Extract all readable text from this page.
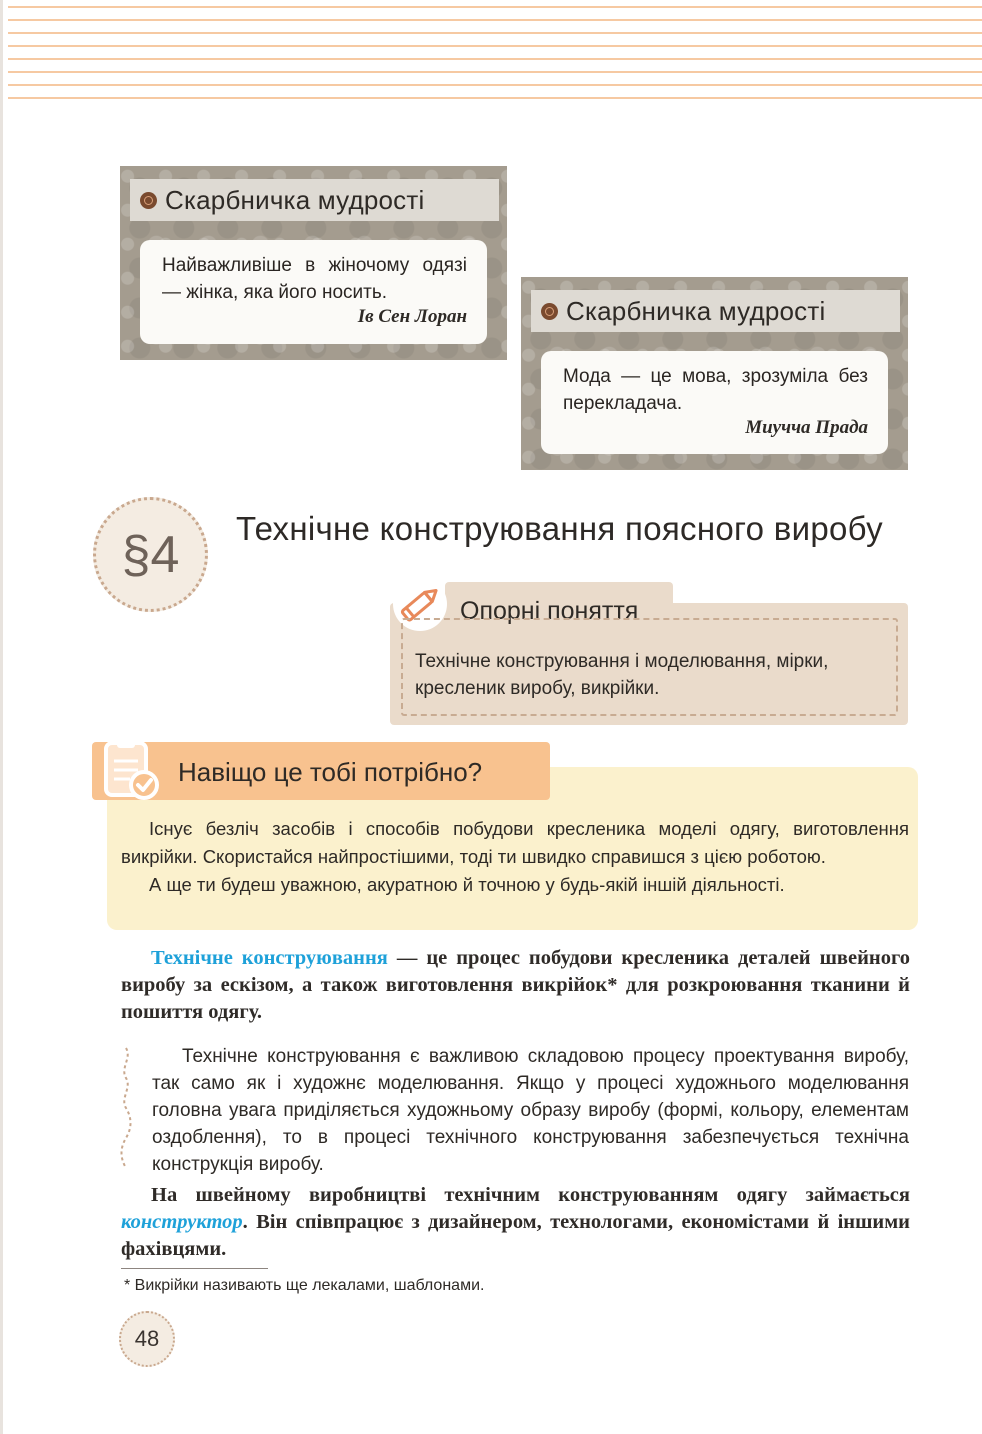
Скарбничка мудрості
Найважливіше в жіночому одязі — жінка, яка його носить.
Ів Сен Лоран	Скарбничка мудрості
Мода — це мова, зрозуміла без перекладача.
Миучча Прада
§4 Технічне конструювання поясного виробу
Опорні поняття
Технічне конструювання і моделювання, мірки, кресленик виробу, викрійки.
Навіщо це тобі потрібно?

Існує безліч засобів і способів побудови кресленика моделі одягу, виготовлення викрійки. Скористайся найпростішими, тоді ти швидко справишся з цією роботою.

А ще ти будеш уважною, акуратною й точною у будь-якій іншій діяльності.

Технічне конструювання — це процес побудови кресленика деталей швейного виробу за ескізом, а також виготовлення викрійок* для розкроювання тканини й пошиття одягу.
Технічне конструювання є важливою складовою процесу проектування виробу, так само як і художнє моделювання. Якщо у процесі художнього моделювання головна увага приділяється художньому образу виробу (формі, кольору, елементам оздоблення), то в процесі технічного конструювання забезпечується технічна конструкція виробу.
На швейному виробництві технічним конструюванням одягу займається конструктор. Він співпрацює з дизайнером, технологами, економістами й іншими фахівцями.
* Викрійки називають ще лекалами, шаблонами.
48
